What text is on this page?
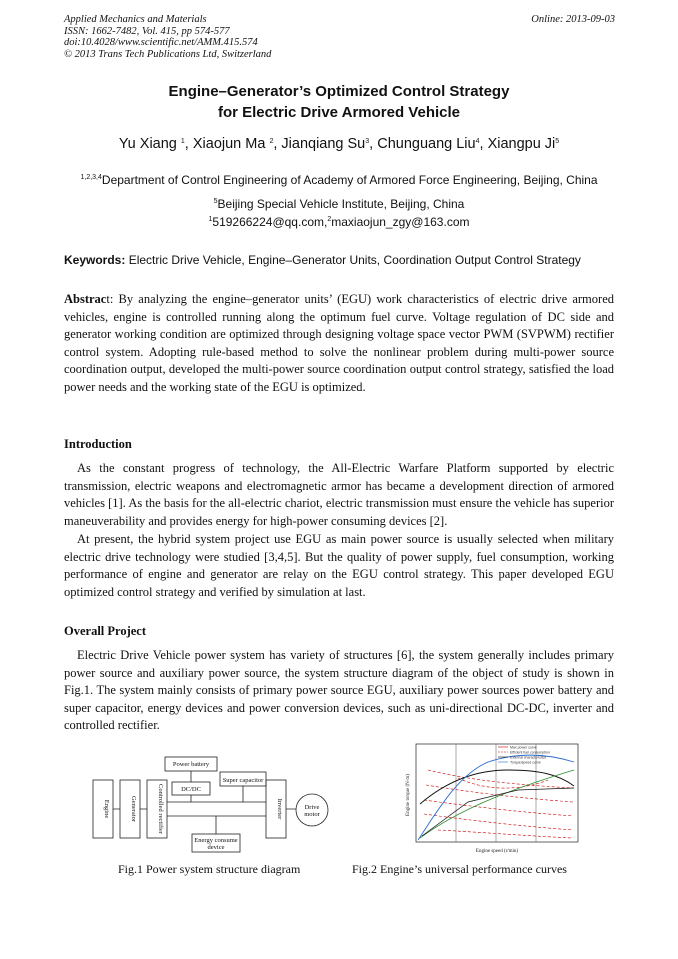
Applied Mechanics and Materials
ISSN: 1662-7482, Vol. 415, pp 574-577
doi:10.4028/www.scientific.net/AMM.415.574
© 2013 Trans Tech Publications Ltd, Switzerland
Online: 2013-09-03
Engine–Generator’s Optimized Control Strategy
for Electric Drive Armored Vehicle
Yu Xiang $^1$, Xiaojun Ma $^2$, Jianqiang Su$^3$, Chunguang Liu$^4$, Xiangpu Ji$^5$
$^{1,2,3,4}$Department of Control Engineering of Academy of Armored Force Engineering, Beijing, China
$^5$Beijing Special Vehicle Institute, Beijing, China
$^1$519266224@qq.com,$^2$maxiaojun_zgy@163.com
Keywords: Electric Drive Vehicle, Engine–Generator Units, Coordination Output Control Strategy

Abstract: By analyzing the engine–generator units’ (EGU) work characteristics of electric drive armored vehicles, engine is controlled running along the optimum fuel curve. Voltage regulation of DC side and generator working condition are optimized through designing voltage space vector PWM (SVPWM) rectifier control system. Adopting rule-based method to solve the nonlinear problem during multi-power source coordination output, developed the multi-power source coordination output control strategy, satisfied the load power needs and the working state of the EGU is optimized.

Introduction

As the constant progress of technology, the All-Electric Warfare Platform supported by electric transmission, electric weapons and electromagnetic armor has became a development direction of armored vehicles [1]. As the basis for the all-electric chariot, electric transmission must ensure the vehicle has superior maneuverability and provides energy for high-power consuming devices [2].

At present, the hybrid system project use EGU as main power source is usually selected when military electric drive technology were studied [3,4,5]. But the quality of power supply, fuel consumption, working performance of engine and generator are relay on the EGU control strategy. This paper developed EGU optimized control strategy and verified by simulation at last.

Overall Project

Electric Drive Vehicle power system has variety of structures [6], the system generally includes primary power source and auxiliary power source, the system structure diagram of the object of study is shown in Fig.1. The system mainly consists of primary power source EGU, auxiliary power sources power battery and super capacitor, energy devices and power conversion devices, such as uni-directional DC-DC, inverter and controlled rectifier.

Power battery
DC/DC
Super capacitor
Energy consume
device
Drive
motor
Engine	Generator	Controlled rectifier	Inverter
Max power curve
Efficient fuel consumption
External characteristics
Torque/speed curve
Engine speed (r/min)
Engine torque (N·m)
Fig.1 Power system structure diagram	Fig.2 Engine’s universal performance curves
